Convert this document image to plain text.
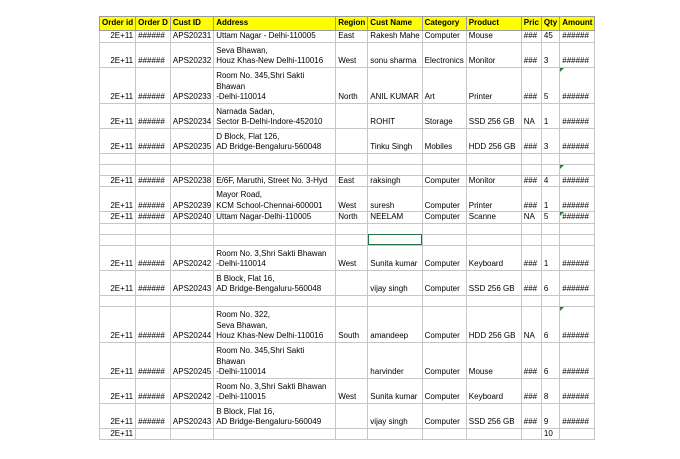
Order id	Order D	Cust ID	Address	Region	Cust Name	Category	Product	Pric	Qty	Amount
2E+11	######	APS20231	Uttam Nagar - Delhi-110005	East	Rakesh Mahe	Computer	Mouse	###	45	######
2E+11	######	APS20232	Seva Bhawan,
Houz Khas-New Delhi-110016	West	sonu sharma	Electronics	Monitor	###	3	######
2E+11	######	APS20233	Room No. 345,Shri Sakti
Bhawan
-Delhi-110014	North	ANIL KUMAR	Art	Printer	###	5	######
2E+11	######	APS20234	Narnada Sadan,
Sector B-Delhi-Indore-452010		ROHIT	Storage	SSD 256 GB	NA	1	######
2E+11	######	APS20235	D Block, Flat 126,
AD Bridge-Bengaluru-560048		Tinku Singh	Mobiles	HDD 256 GB	###	3	######

2E+11	######	APS20238	E/6F, Maruthi, Street No. 3-Hyd	East	raksingh	Computer	Monitor	###	4	######
2E+11	######	APS20239	Mayor Road,
KCM School-Chennai-600001	West	suresh	Computer	Printer	###	1	######
2E+11	######	APS20240	Uttam Nagar-Delhi-110005	North	NEELAM	Computer	Scanne	NA	5	######

2E+11	######	APS20242	Room No. 3,Shri Sakti Bhawan
-Delhi-110014	West	Sunita kumar	Computer	Keyboard	###	1	######
2E+11	######	APS20243	B Block, Flat 16,
AD Bridge-Bengaluru-560048		vijay singh	Computer	SSD 256 GB	###	6	######

2E+11	######	APS20244	Room No. 322,
Seva Bhawan,
Houz Khas-New Delhi-110016	South	amandeep	Computer	HDD 256 GB	NA	6	######
2E+11	######	APS20245	Room No. 345,Shri Sakti
Bhawan
-Delhi-110014		harvinder	Computer	Mouse	###	6	######
2E+11	######	APS20242	Room No. 3,Shri Sakti Bhawan
-Delhi-110015	West	Sunita kumar	Computer	Keyboard	###	8	######
2E+11	######	APS20243	B Block, Flat 16,
AD Bridge-Bengaluru-560049		vijay singh	Computer	SSD 256 GB	###	9	######
2E+11									10	
